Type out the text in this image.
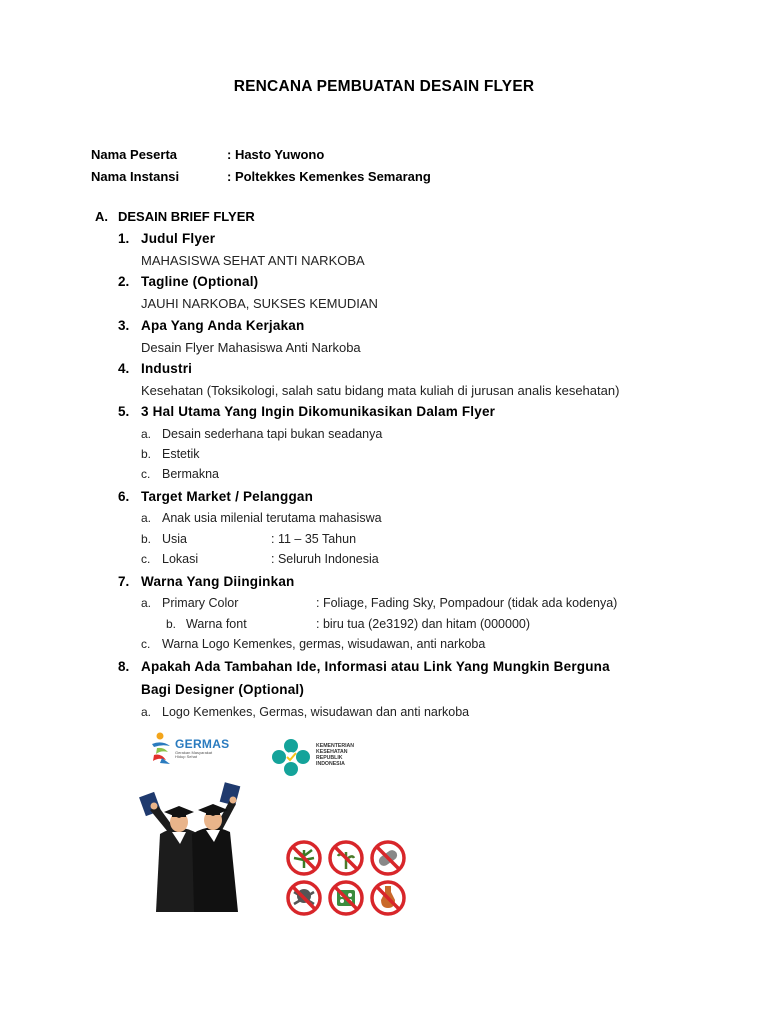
RENCANA PEMBUATAN DESAIN FLYER
Nama Peserta	: Hasto Yuwono
Nama Instansi	: Poltekkes Kemenkes Semarang
A. DESAIN BRIEF FLYER
1. Judul Flyer
MAHASISWA SEHAT ANTI NARKOBA
2. Tagline (Optional)
JAUHI NARKOBA, SUKSES KEMUDIAN
3. Apa Yang Anda Kerjakan
Desain Flyer Mahasiswa Anti Narkoba
4. Industri
Kesehatan (Toksikologi, salah satu bidang mata kuliah di jurusan analis kesehatan)
5. 3 Hal Utama Yang Ingin Dikomunikasikan Dalam Flyer
a. Desain sederhana tapi bukan seadanya
b. Estetik
c. Bermakna
6. Target Market / Pelanggan
a. Anak usia milenial terutama mahasiswa
b. Usia	: 11 – 35 Tahun
c. Lokasi	: Seluruh Indonesia
7. Warna Yang Diinginkan
a. Primary Color	: Foliage, Fading Sky, Pompadour (tidak ada kodenya)
b. Warna font	: biru tua (2e3192) dan hitam (000000)
c. Warna Logo Kemenkes, germas, wisudawan, anti narkoba
8. Apakah Ada Tambahan Ide, Informasi atau Link Yang Mungkin Berguna
Bagi Designer (Optional)
a. Logo Kemenkes, Germas, wisudawan dan anti narkoba
GERMAS
Gerakan Masyarakat Hidup Sehat
KEMENTERIAN
KESEHATAN
REPUBLIK
INDONESIA
